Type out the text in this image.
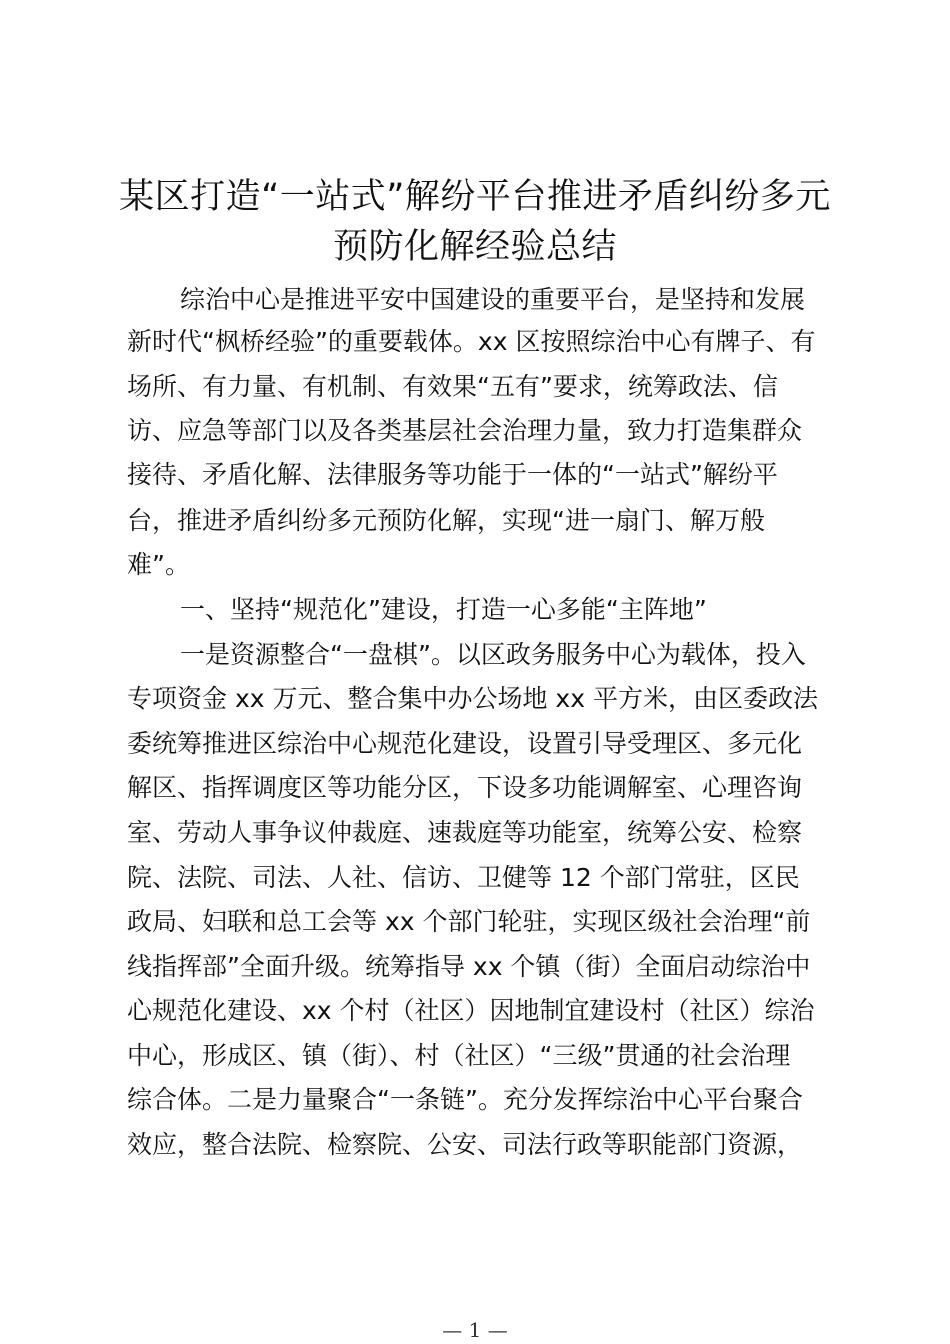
某区打造“一站式”解纷平台推进矛盾纠纷多元
预防化解经验总结
综治中心是推进平安中国建设的重要平台，是坚持和发展
新时代“枫桥经验”的重要载体。xx 区按照综治中心有牌子、有
场所、有力量、有机制、有效果“五有”要求，统筹政法、信
访、应急等部门以及各类基层社会治理力量，致力打造集群众
接待、矛盾化解、法律服务等功能于一体的“一站式”解纷平
台，推进矛盾纠纷多元预防化解，实现“进一扇门、解万般
难”。
一、坚持“规范化”建设，打造一心多能“主阵地”
一是资源整合“一盘棋”。以区政务服务中心为载体，投入
专项资金 xx 万元、整合集中办公场地 xx 平方米，由区委政法
委统筹推进区综治中心规范化建设，设置引导受理区、多元化
解区、指挥调度区等功能分区，下设多功能调解室、心理咨询
室、劳动人事争议仲裁庭、速裁庭等功能室，统筹公安、检察
院、法院、司法、人社、信访、卫健等 12 个部门常驻，区民
政局、妇联和总工会等 xx 个部门轮驻，实现区级社会治理“前
线指挥部”全面升级。统筹指导 xx 个镇（街）全面启动综治中
心规范化建设、xx 个村（社区）因地制宜建设村（社区）综治
中心，形成区、镇（街）、村（社区）“三级”贯通的社会治理
综合体。二是力量聚合“一条链”。充分发挥综治中心平台聚合
效应，整合法院、检察院、公安、司法行政等职能部门资源，
— 1 —
